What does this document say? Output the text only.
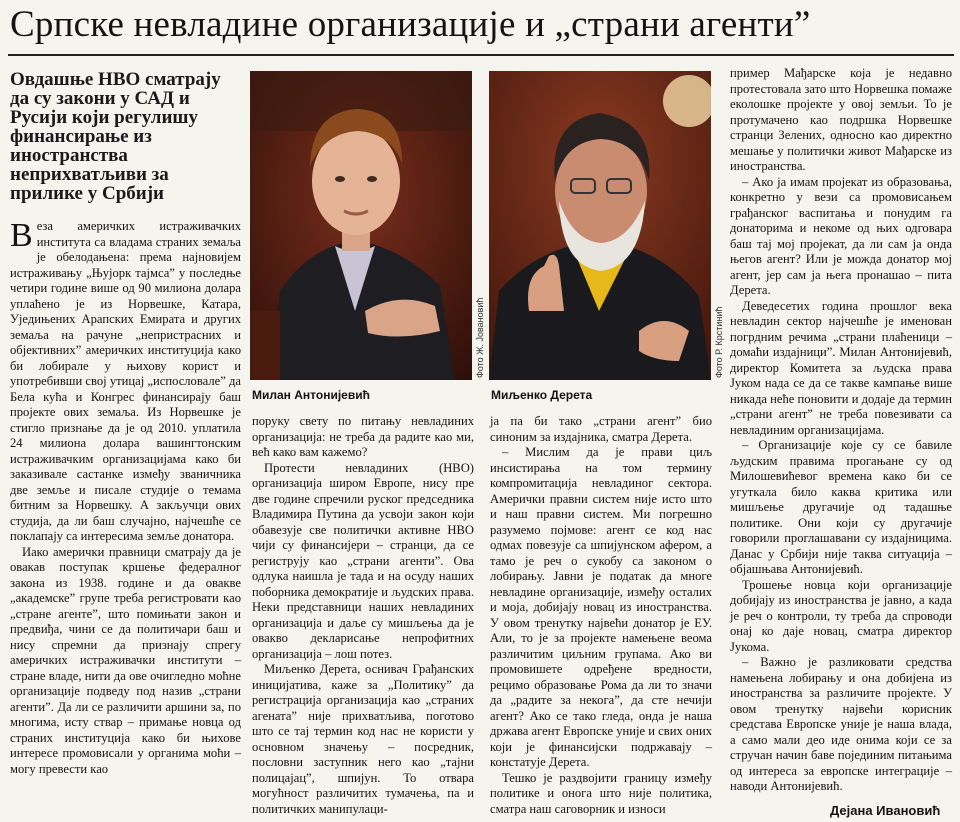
Српске невладине организације и „страни агенти”

Овдашње НВО сматрају да су закони у САД и Русији који регулишу финансирање из иностранства неприхватљиви за прилике у Србији

Фото Ж. Јовановић
Милан Антонијевић
Фото Р. Крстинић
Миљенко Дерета

Веза америчких истраживачких института са владама страних земаља је обелодањена: према најновијем истраживању „Њујорк тајмса” у последње четири године више од 90 милиона долара уплаћено је из Норвешке, Катара, Уједињених Арапских Емирата и других земаља на рачуне „непристрасних и објективних” америчких институција како би лобирале у њихову корист и употребивши свој утицај „испословале” да Бела кућа и Конгрес финансирају баш пројекте ових земаља. Из Норвешке је стигло признање да је од 2010. уплатила 24 милиона долара вашингтонским истраживачким организацијама како би заказивале састанке између званичника две земље и писале студије о темама битним за Норвешку. А закључци ових студија, да ли баш случајно, најчешће се поклапају са интересима земље донатора.

Иако амерички правници сматрају да је овакав поступак кршење федералног закона из 1938. године и да овакве „академске” групе треба регистровати као „стране агенте”, што помињати закон и предвиђа, чини се да политичари баш и нису спремни да признају спрегу америчких истраживачки институти – стране владе, нити да ове очигледно моћне организације подведу под назив „страни агенти”. Да ли се различити аршини за, по многима, исту ствар – примање новца од страних институција како би њихове интересе промовисали у органима моћи – могу превести као

поруку свету по питању невладиних организација: не треба да радите као ми, већ како вам кажемо?

Протести невладиних (НВО) организација широм Европе, нису пре две године спречили руског председника Владимира Путина да усвоји закон који обавезује све политички активне НВО чији су финансијери – странци, да се региструју као „страни агенти”. Ова одлука наишла је тада и на осуду наших поборника демократије и људских права. Неки представници наших невладиних организација и даље су мишљења да је овакво декларисање непрофитних организација – лош потез.

Миљенко Дерета, оснивач Грађанских иницијатива, каже за „Политику” да регистрација организација као „страних агената” није прихватљива, поготово што се тај термин код нас не користи у основном значењу – посредник, пословни заступник него као „тајни полицајац”, шпијун. То отвара могућност различитих тумачења, па и политичких манипулаци-

ја па би тако „страни агент” био синоним за издајника, сматра Дерета.

– Мислим да је прави циљ инсистирања на том термину компромитација невладиног сектора. Амерички правни систем није исто што и наш правни систем. Ми погрешно разумемо појмове: агент се код нас одмах повезује са шпијунском афером, а тамо је реч о сукобу са законом о лобирању. Јавни је податак да многе невладине организације, између осталих и моја, добијају новац из иностранства. У овом тренутку највећи донатор је ЕУ. Али, то је за пројекте намењене веома различитим циљним групама. Ако ви промовишете одређене вредности, рецимо образовање Рома да ли то значи да „радите за некога”, да сте нечији агент? Ако се тако гледа, онда је наша држава агент Европске уније и свих оних који је финансијски подржавају – констатује Дерета.

Тешко је раздвојити границу између политике и онога што није политика, сматра наш саговорник и износи

пример Мађарске која је недавно протестовала зато што Норвешка помаже еколошке пројекте у овој земљи. То је протумачено као подршка Норвешке странци Зелених, односно као директно мешање у политички живот Мађарске из иностранства.

– Ако ја имам пројекат из образовања, конкретно у вези са промовисањем грађанског васпитања и понудим га донаторима и некоме од њих одговара баш тај мој пројекат, да ли сам ја онда његов агент? Или је можда донатор мој агент, јер сам ја њега пронашао – пита Дерета.

Деведесетих година прошлог века невладин сектор најчешће је именован погрдним речима „страни плаћеници – домаћи издајници”. Милан Антонијевић, директор Комитета за људска права Јуком нада се да се такве кампање више никада неће поновити и додаје да термин „страни агент” не треба повезивати са невладиним организацијама.

– Организације које су се бавиле људским правима прогањане су од Милошевићевог времена како би се угуткала било каква критика или мишљење другачије од тадашње политике. Они који су другачије говорили проглашавани су издајницима. Данас у Србији није таква ситуација – објашњава Антонијевић.

Трошење новца који организације добијају из иностранства је јавно, а када је реч о контроли, ту треба да спроводи онај ко даје новац, сматра директор Јукома.

– Важно је разликовати средства намењена лобирању и она добијена из иностранства за различите пројекте. У овом тренутку највећи корисник средстава Европске уније је наша влада, а само мали део иде онима који се за стручан начин баве појединим питањима од интереса за европске интеграције – наводи Антонијевић.

Дејана Ивановић
